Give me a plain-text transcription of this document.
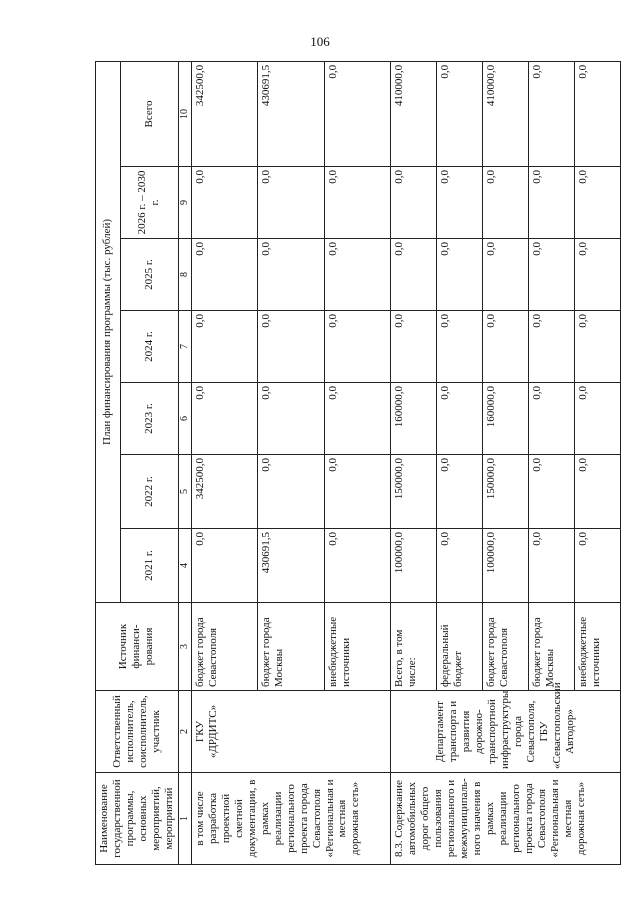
106
Наименование государственной программы, основных мероприятий, мероприятий	Ответственный исполнитель, соисполнитель, участник	Источник финанси-рования	План финансирования программы (тыс. рублей)						
			2021 г.	2022 г.	2023 г.	2024 г.	2025 г.	2026 г. – 2030 г.	Всего
1	2	3	4	5	6	7	8	9	10
в том числе разработка проектной сметной документации, в рамках реализации регионального проекта города Севастополя «Региональная и местная дорожная сеть»	ГКУ «ДРДИТС»	бюджет города Севастополя	0,0	342500,0	0,0	0,0	0,0	0,0	342500,0
		бюджет города Москвы	430691,5	0,0	0,0	0,0	0,0	0,0	430691,5
		внебюджетные источники	0,0	0,0	0,0	0,0	0,0	0,0	0,0
8.3. Содержание автомобильных дорог общего пользования регионального и межмуниципаль-ного значения в рамках реализации регионального проекта города Севастополя «Региональная и местная дорожная сеть»	Департамент транспорта и развития дорожно-транспортной инфраструктуры города Севастополя, ГБУ «Севастопольский Автодор»	Всего, в том числе:	100000,0	150000,0	160000,0	0,0	0,0	0,0	410000,0
		федеральный бюджет	0,0	0,0	0,0	0,0	0,0	0,0	0,0
		бюджет города Севастополя	100000,0	150000,0	160000,0	0,0	0,0	0,0	410000,0
		бюджет города Москвы	0,0	0,0	0,0	0,0	0,0	0,0	0,0
		внебюджетные источники	0,0	0,0	0,0	0,0	0,0	0,0	0,0
